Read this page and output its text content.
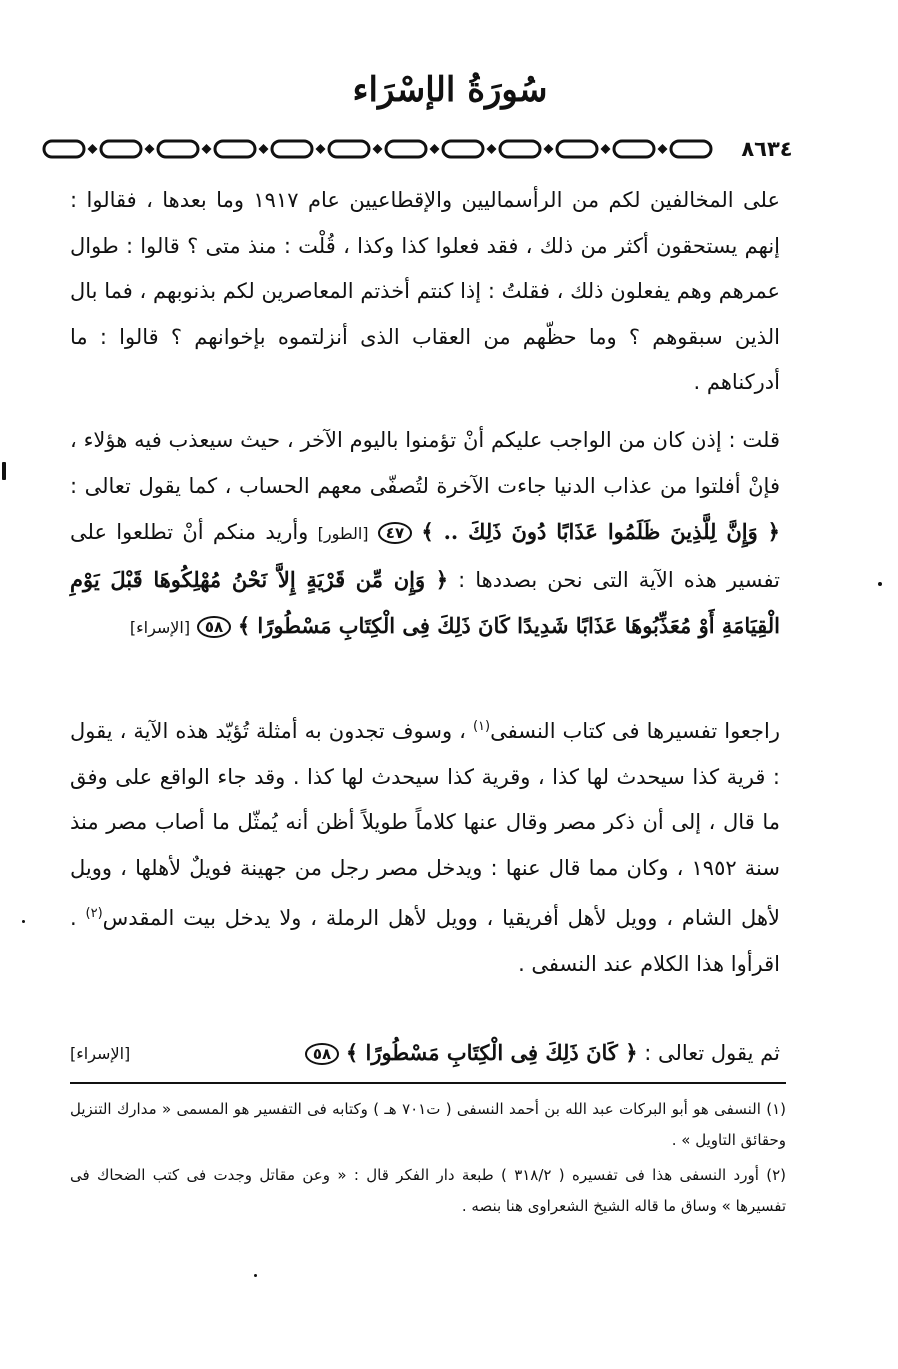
سُورَةُ الإسْرَاء
٨٦٣٤
على المخالفين لكم من الرأسماليين والإقطاعيين عام ١٩١٧ وما بعدها ، فقالوا : إنهم يستحقون أكثر من ذلك ، فقد فعلوا كذا وكذا ، قُلْت : منذ متى ؟ قالوا : طوال عمرهم وهم يفعلون ذلك ، فقلتُ : إذا كنتم أخذتم المعاصرين لكم بذنوبهم ، فما بال الذين سبقوهم ؟ وما حظّهم من العقاب الذى أنزلتموه بإخوانهم ؟ قالوا : ما أدركناهم .
قلت : إذن كان من الواجب عليكم أنْ تؤمنوا باليوم الآخر ، حيث سيعذب فيه هؤلاء ، فإنْ أفلتوا من عذاب الدنيا جاءت الآخرة لتُصفّى معهم الحساب ، كما يقول تعالى : ﴿ وَإِنَّ لِلَّذِينَ ظَلَمُوا عَذَابًا دُونَ ذَلِكَ .. ﴾ ٤٧ [الطور] وأريد منكم أنْ تطلعوا على تفسير هذه الآية التى نحن بصددها : ﴿ وَإِن مِّن قَرْيَةٍ إِلاَّ نَحْنُ مُهْلِكُوهَا قَبْلَ يَوْمِ الْقِيَامَةِ أَوْ مُعَذِّبُوهَا عَذَابًا شَدِيدًا كَانَ ذَلِكَ فِى الْكِتَابِ مَسْطُورًا ﴾ ٥٨ [الإسراء]
راجعوا تفسيرها فى كتاب النسفى$^{(١)}$ ، وسوف تجدون به أمثلة تُؤيّد هذه الآية ، يقول : قرية كذا سيحدث لها كذا ، وقرية كذا سيحدث لها كذا . وقد جاء الواقع على وفق ما قال ، إلى أن ذكر مصر وقال عنها كلاماً طويلاً أظن أنه يُمثّل ما أصاب مصر منذ سنة ١٩٥٢ ، وكان مما قال عنها : ويدخل مصر رجل من جهينة فويلٌ لأهلها ، وويل لأهل الشام ، وويل لأهل أفريقيا ، وويل لأهل الرملة ، ولا يدخل بيت المقدس$^{(٢)}$ . اقرأوا هذا الكلام عند النسفى .
ثم يقول تعالى : ﴿ كَانَ ذَلِكَ فِى الْكِتَابِ مَسْطُورًا ﴾ ٥٨
[الإسراء]

(١) النسفى هو أبو البركات عبد الله بن أحمد النسفى ( ت٧٠١ هـ ) وكتابه فى التفسير هو المسمى « مدارك التنزيل وحقائق التاويل » .

(٢) أورد النسفى هذا فى تفسيره ( ٣١٨/٢ ) طبعة دار الفكر قال : « وعن مقاتل وجدت فى كتب الضحاك فى تفسيرها » وساق ما قاله الشيخ الشعراوى هنا بنصه .
